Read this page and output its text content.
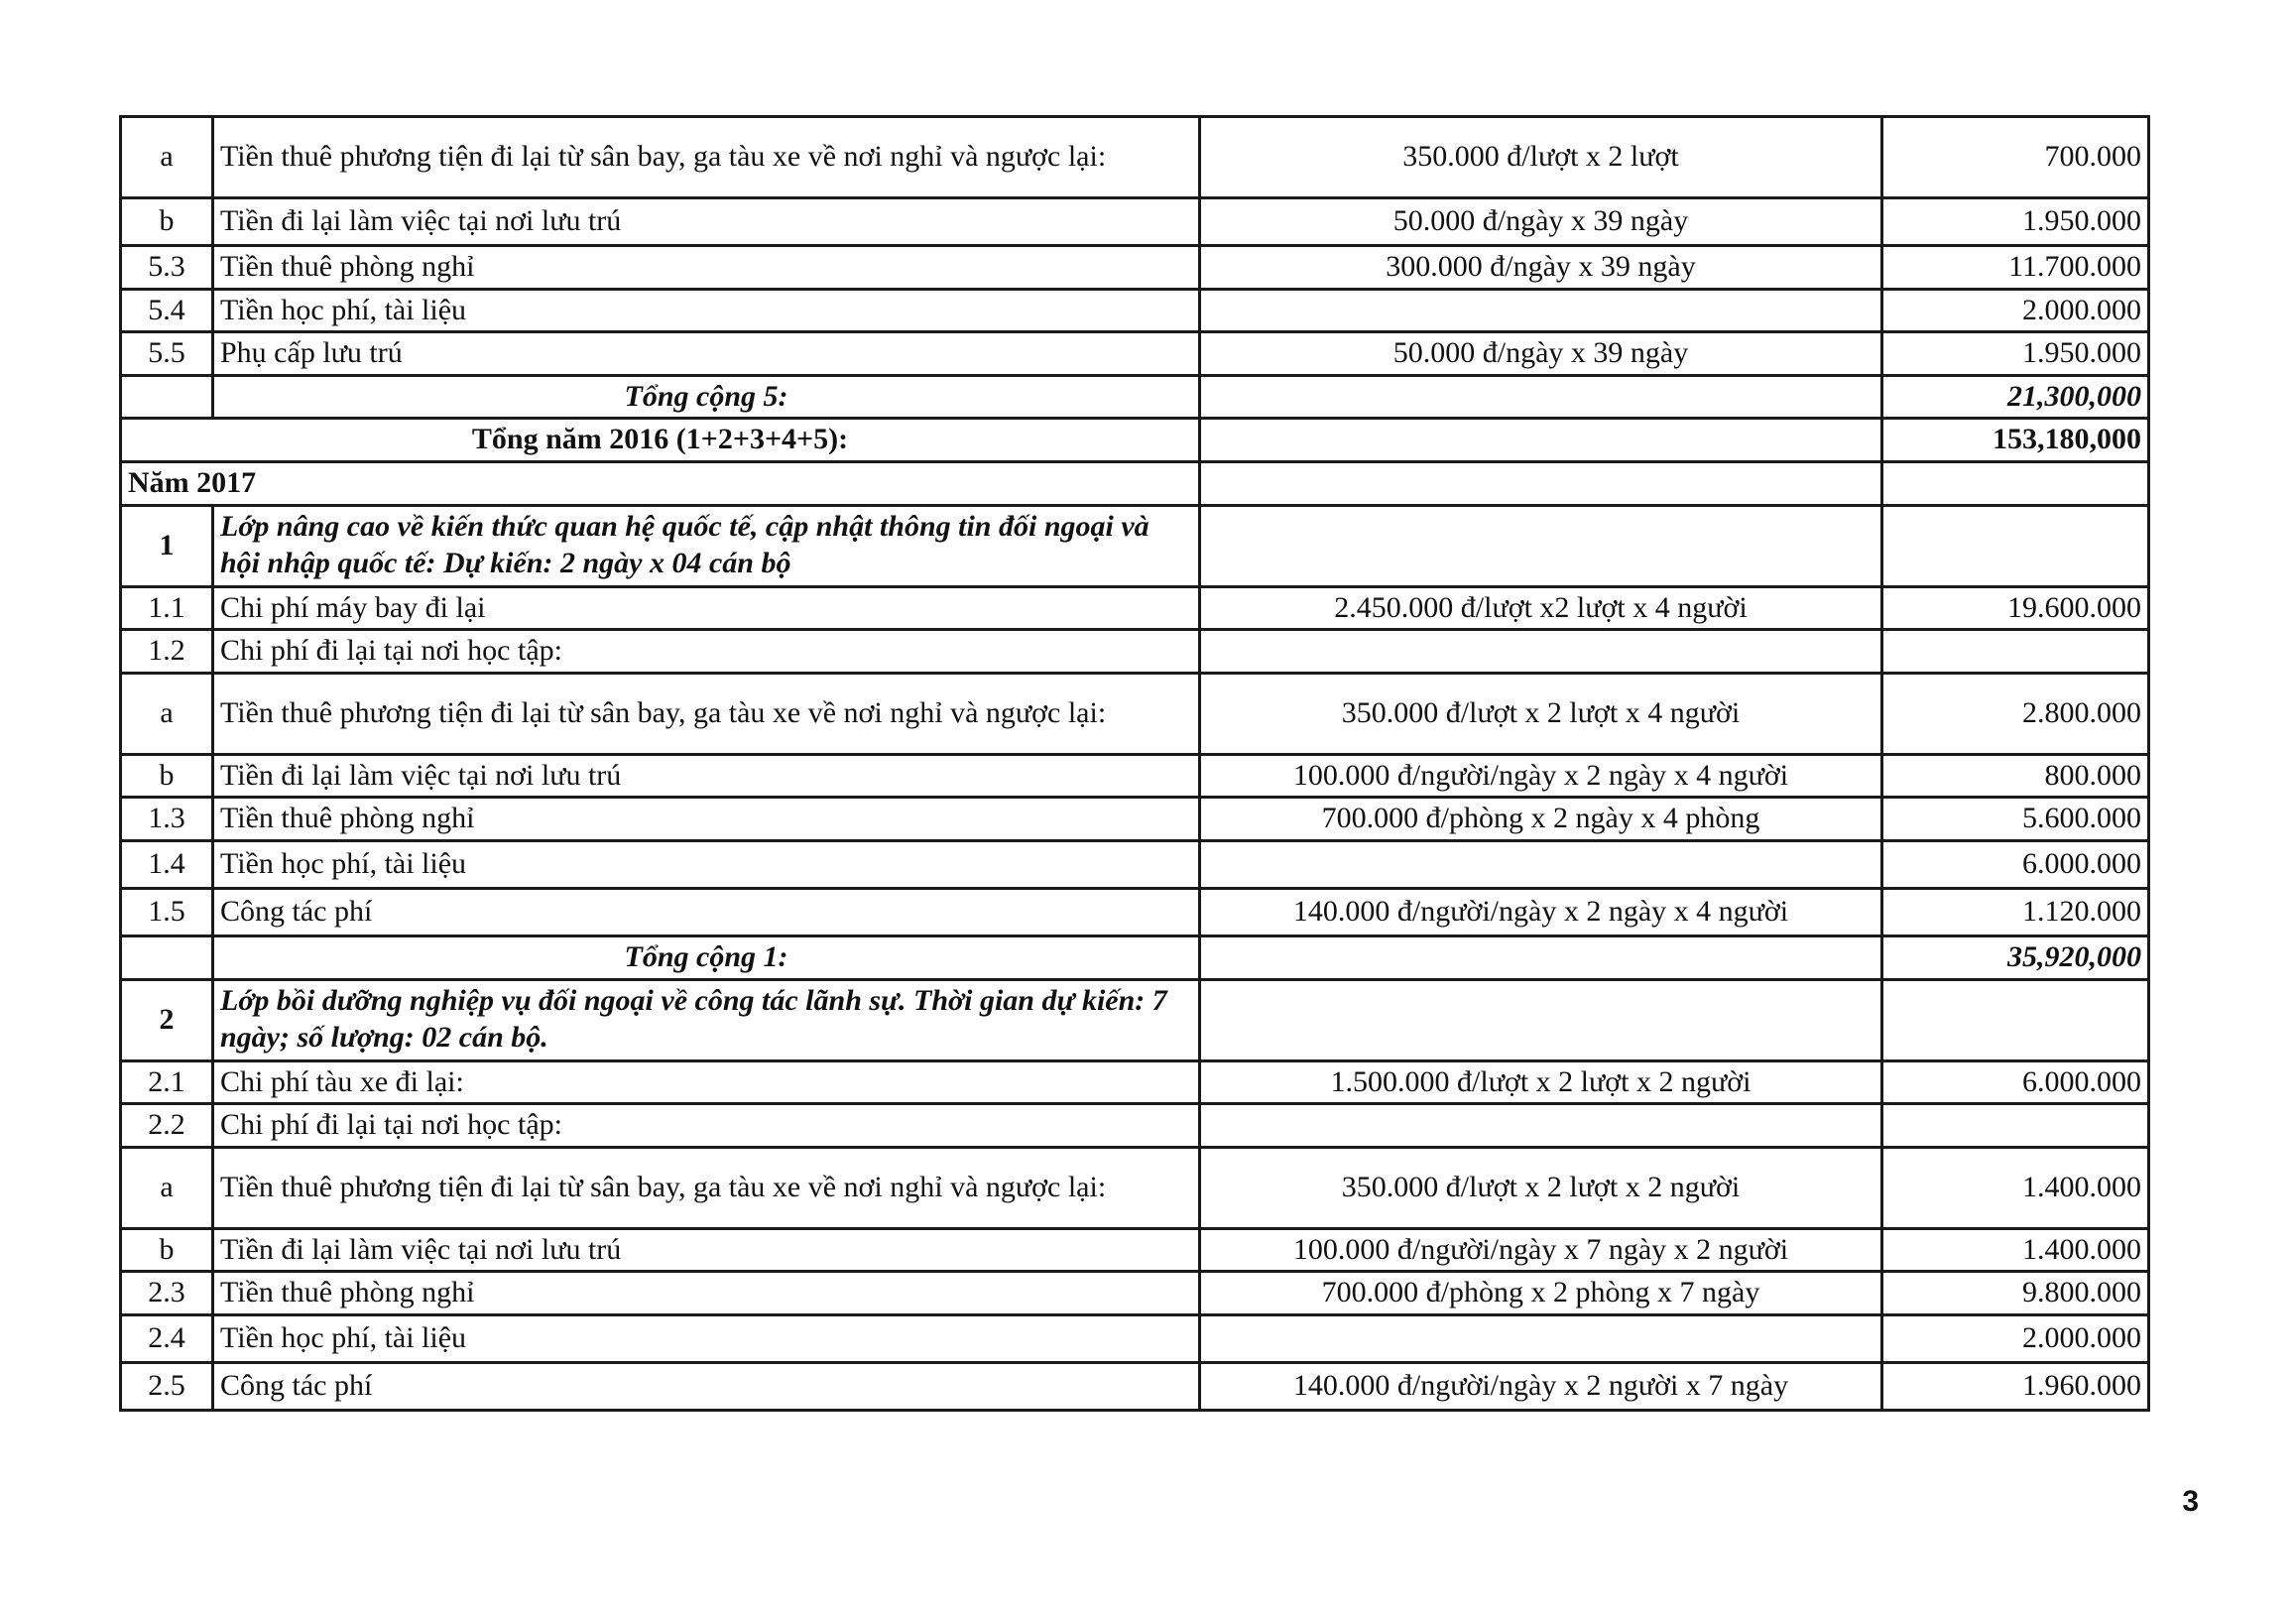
a	Tiền thuê phương tiện đi lại từ sân bay, ga tàu xe về nơi nghỉ và ngược lại:	350.000 đ/lượt x 2 lượt	700.000
b	Tiền đi lại làm việc tại nơi lưu trú	50.000 đ/ngày x 39 ngày	1.950.000
5.3	Tiền thuê phòng nghỉ	300.000 đ/ngày x 39 ngày	11.700.000
5.4	Tiền học phí, tài liệu		2.000.000
5.5	Phụ cấp lưu trú	50.000 đ/ngày x 39 ngày	1.950.000
	Tổng cộng 5:		21,300,000
Tổng năm 2016 (1+2+3+4+5):			153,180,000
Năm 2017			
1	Lớp nâng cao về kiến thức quan hệ quốc tế, cập nhật thông tin đối ngoại và hội nhập quốc tế: Dự kiến: 2 ngày x 04 cán bộ		
1.1	Chi phí máy bay đi lại	2.450.000 đ/lượt x2 lượt x 4 người	19.600.000
1.2	Chi phí đi lại tại nơi học tập:		
a	Tiền thuê phương tiện đi lại từ sân bay, ga tàu xe về nơi nghỉ và ngược lại:	350.000 đ/lượt x 2 lượt x 4 người	2.800.000
b	Tiền đi lại làm việc tại nơi lưu trú	100.000 đ/người/ngày x 2 ngày x 4 người	800.000
1.3	Tiền thuê phòng nghỉ	700.000 đ/phòng x 2 ngày x 4 phòng	5.600.000
1.4	Tiền học phí, tài liệu		6.000.000
1.5	Công tác phí	140.000 đ/người/ngày x 2 ngày x 4 người	1.120.000
	Tổng cộng 1:		35,920,000
2	Lớp bồi dưỡng nghiệp vụ đối ngoại về công tác lãnh sự. Thời gian dự kiến: 7 ngày; số lượng: 02 cán bộ.		
2.1	Chi phí tàu xe đi lại:	1.500.000 đ/lượt x 2 lượt x 2 người	6.000.000
2.2	Chi phí đi lại tại nơi học tập:		
a	Tiền thuê phương tiện đi lại từ sân bay, ga tàu xe về nơi nghỉ và ngược lại:	350.000 đ/lượt x 2 lượt x 2 người	1.400.000
b	Tiền đi lại làm việc tại nơi lưu trú	100.000 đ/người/ngày x 7 ngày x 2 người	1.400.000
2.3	Tiền thuê phòng nghỉ	700.000 đ/phòng x 2 phòng x 7 ngày	9.800.000
2.4	Tiền học phí, tài liệu		2.000.000
2.5	Công tác phí	140.000 đ/người/ngày x 2 người x 7 ngày	1.960.000
3
